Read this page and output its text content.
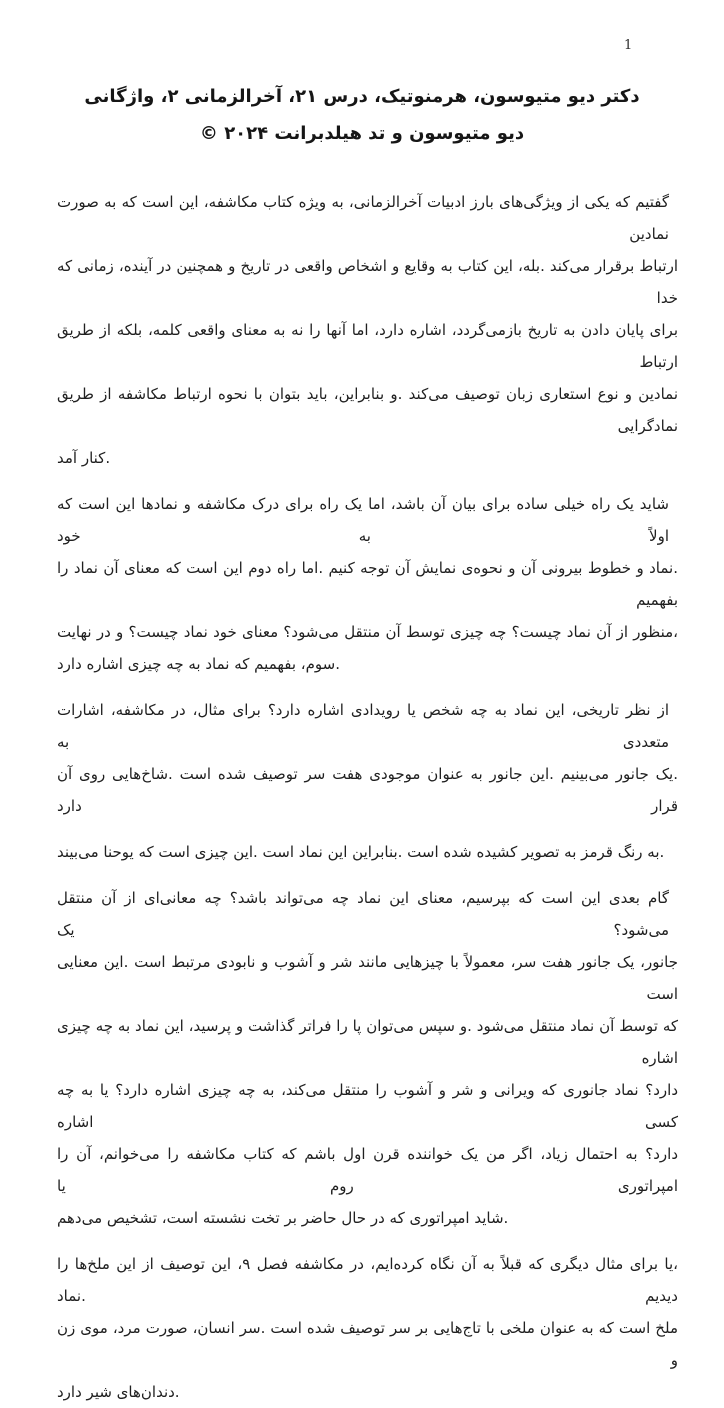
1
دکتر دیو متیوسون، هرمنوتیک، درس ۲۱، آخرالزمانی ۲، واژگانی
دیو متیوسون و تد هیلدبرانت ۲۰۲۴ ©
گفتیم که یکی از ویژگی‌های بارز ادبیات آخرالزمانی، به ویژه کتاب مکاشفه، این است که به صورت نمادین
ارتباط برقرار می‌کند .بله، این کتاب به وقایع و اشخاص واقعی در تاریخ و همچنین در آینده، زمانی که خدا
برای پایان دادن به تاریخ بازمی‌گردد، اشاره دارد، اما آنها را نه به معنای واقعی کلمه، بلکه از طریق ارتباط
نمادین و نوع استعاری زبان توصیف می‌کند .و بنابراین، باید بتوان با نحوه ارتباط مکاشفه از طریق نمادگرایی
.کنار آمد
شاید یک راه خیلی ساده برای بیان آن باشد، اما یک راه برای درک مکاشفه و نمادها این است که اولاً به خود
.نماد و خطوط بیرونی آن و نحوه‌ی نمایش آن توجه کنیم .اما راه دوم این است که معنای آن نماد را بفهمیم
،منظور از آن نماد چیست؟ چه چیزی توسط آن منتقل می‌شود؟ معنای خود نماد چیست؟ و در نهایت
.سوم، بفهمیم که نماد به چه چیزی اشاره دارد
از نظر تاریخی، این نماد به چه شخص یا رویدادی اشاره دارد؟ برای مثال، در مکاشفه، اشارات متعددی به
.یک جانور می‌بینیم .این جانور به عنوان موجودی هفت سر توصیف شده است .شاخ‌هایی روی آن قرار دارد
.به رنگ قرمز به تصویر کشیده شده است .بنابراین این نماد است .این چیزی است که یوحنا می‌بیند
گام بعدی این است که بپرسیم، معنای این نماد چه می‌تواند باشد؟ چه معانی‌ای از آن منتقل می‌شود؟ یک
جانور، یک جانور هفت سر، معمولاً با چیزهایی مانند شر و آشوب و نابودی مرتبط است .این معنایی است
که توسط آن نماد منتقل می‌شود .و سپس می‌توان پا را فراتر گذاشت و پرسید، این نماد به چه چیزی اشاره
دارد؟ نماد جانوری که ویرانی و شر و آشوب را منتقل می‌کند، به چه چیزی اشاره دارد؟ یا به چه کسی اشاره
دارد؟ به احتمال زیاد، اگر من یک خواننده قرن اول باشم که کتاب مکاشفه را می‌خوانم، آن را امپراتوری روم یا
.شاید امپراتوری که در حال حاضر بر تخت نشسته است، تشخیص می‌دهم
،یا برای مثال دیگری که قبلاً به آن نگاه کرده‌ایم، در مکاشفه فصل ۹، این توصیف از این ملخ‌ها را دیدیم .نماد
ملخ است که به عنوان ملخی با تاج‌هایی بر سر توصیف شده است .سر انسان، صورت مرد، موی زن و
.دندان‌های شیر دارد
